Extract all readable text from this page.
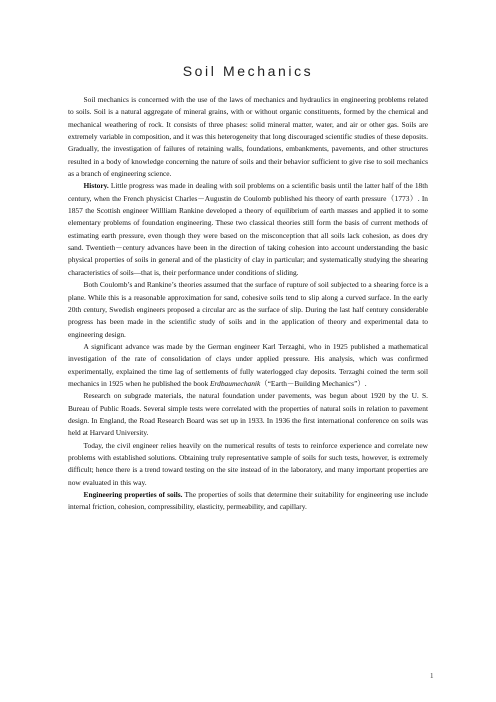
Soil Mechanics

Soil mechanics is concerned with the use of the laws of mechanics and hydraulics in engineering problems related to soils. Soil is a natural aggregate of mineral grains, with or without organic constituents, formed by the chemical and mechanical weathering of rock. It consists of three phases: solid mineral matter, water, and air or other gas. Soils are extremely variable in composition, and it was this heterogeneity that long discouraged scientific studies of these deposits. Gradually, the investigation of failures of retaining walls, foundations, embankments, pavements, and other structures resulted in a body of knowledge concerning the nature of soils and their behavior sufficient to give rise to soil mechanics as a branch of engineering science.

History. Little progress was made in dealing with soil problems on a scientific basis until the latter half of the 18th century, when the French physicist Charles－Augustin de Coulomb published his theory of earth pressure（1773）. In 1857 the Scottish engineer Willliam Rankine developed a theory of equilibrium of earth masses and applied it to some elementary problems of foundation engineering. These two classical theories still form the basis of current methods of estimating earth pressure, even though they were based on the misconception that all soils lack cohesion, as does dry sand. Twentieth－century advances have been in the direction of taking cohesion into account understanding the basic physical properties of soils in general and of the plasticity of clay in particular; and systematically studying the shearing characteristics of soils—that is, their performance under conditions of sliding.

Both Coulomb’s and Rankine’s theories assumed that the surface of rupture of soil subjected to a shearing force is a plane. While this is a reasonable approximation for sand, cohesive soils tend to slip along a curved surface. In the early 20th century, Swedish engineers proposed a circular arc as the surface of slip. During the last half century considerable progress has been made in the scientific study of soils and in the application of theory and experimental data to engineering design.

A significant advance was made by the German engineer Karl Terzaghi, who in 1925 published a mathematical investigation of the rate of consolidation of clays under applied pressure. His analysis, which was confirmed experimentally, explained the time lag of settlements of fully waterlogged clay deposits. Terzaghi coined the term soil mechanics in 1925 when he published the book Erdbaumechanik（“Earth－Building Mechanics”）.

Research on subgrade materials, the natural foundation under pavements, was begun about 1920 by the U. S. Bureau of Public Roads. Several simple tests were correlated with the properties of natural soils in relation to pavement design. In England, the Road Research Board was set up in 1933. In 1936 the first international conference on soils was held at Harvard University.

Today, the civil engineer relies heavily on the numerical results of tests to reinforce experience and correlate new problems with established solutions. Obtaining truly representative sample of soils for such tests, however, is extremely difficult; hence there is a trend toward testing on the site instead of in the laboratory, and many important properties are now evaluated in this way.

Engineering properties of soils. The properties of soils that determine their suitability for engineering use include internal friction, cohesion, compressibility, elasticity, permeability, and capillary.

1
